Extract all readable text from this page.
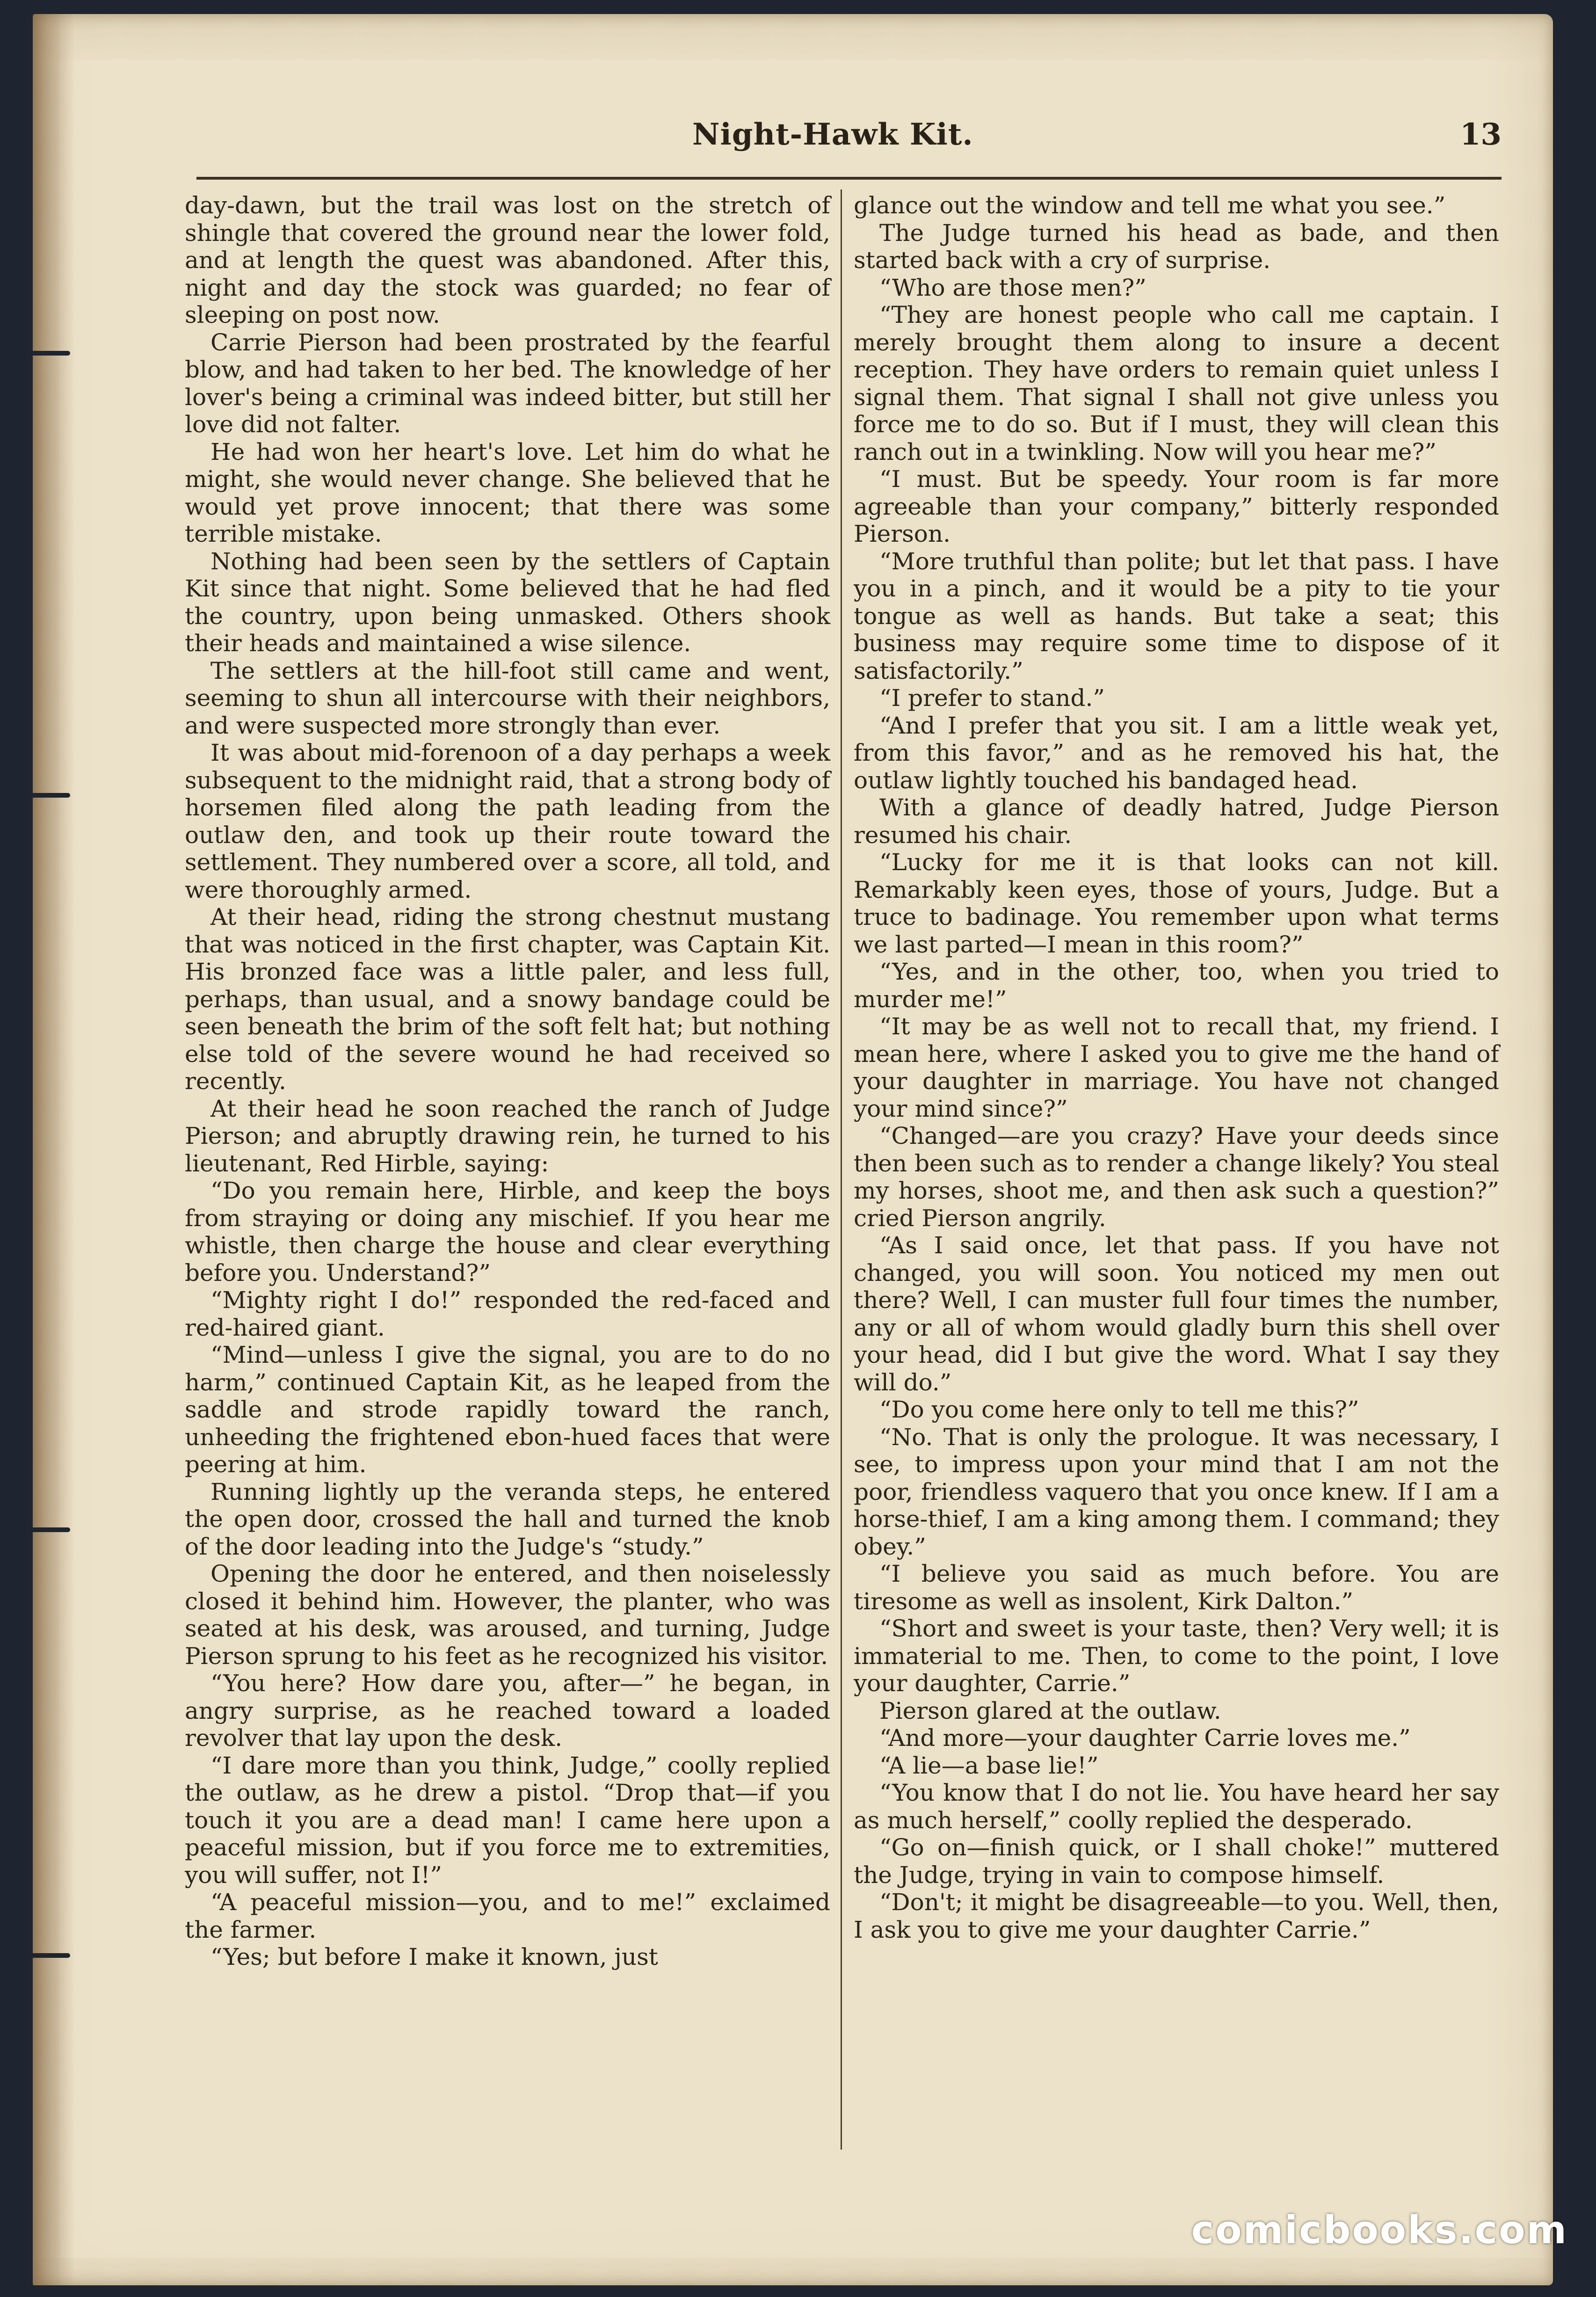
Night-Hawk Kit.	13

day-dawn, but the trail was lost on the stretch of shingle that covered the ground near the lower fold, and at length the quest was abandoned. After this, night and day the stock was guarded; no fear of sleeping on post now.

Carrie Pierson had been prostrated by the fearful blow, and had taken to her bed. The knowledge of her lover's being a criminal was indeed bitter, but still her love did not falter.

He had won her heart's love. Let him do what he might, she would never change. She believed that he would yet prove innocent; that there was some terrible mistake.

Nothing had been seen by the settlers of Captain Kit since that night. Some believed that he had fled the country, upon being unmasked. Others shook their heads and maintained a wise silence.

The settlers at the hill-foot still came and went, seeming to shun all intercourse with their neighbors, and were suspected more strongly than ever.

It was about mid-forenoon of a day perhaps a week subsequent to the midnight raid, that a strong body of horsemen filed along the path leading from the outlaw den, and took up their route toward the settlement. They numbered over a score, all told, and were thoroughly armed.

At their head, riding the strong chestnut mustang that was noticed in the first chapter, was Captain Kit. His bronzed face was a little paler, and less full, perhaps, than usual, and a snowy bandage could be seen beneath the brim of the soft felt hat; but nothing else told of the severe wound he had received so recently.

At their head he soon reached the ranch of Judge Pierson; and abruptly drawing rein, he turned to his lieutenant, Red Hirble, saying:

“Do you remain here, Hirble, and keep the boys from straying or doing any mischief. If you hear me whistle, then charge the house and clear everything before you. Understand?”

“Mighty right I do!” responded the red-faced and red-haired giant.

“Mind—unless I give the signal, you are to do no harm,” continued Captain Kit, as he leaped from the saddle and strode rapidly toward the ranch, unheeding the frightened ebon-hued faces that were peering at him.

Running lightly up the veranda steps, he entered the open door, crossed the hall and turned the knob of the door leading into the Judge's “study.”

Opening the door he entered, and then noiselessly closed it behind him. However, the planter, who was seated at his desk, was aroused, and turning, Judge Pierson sprung to his feet as he recognized his visitor.

“You here? How dare you, after—” he began, in angry surprise, as he reached toward a loaded revolver that lay upon the desk.

“I dare more than you think, Judge,” coolly replied the outlaw, as he drew a pistol. “Drop that—if you touch it you are a dead man! I came here upon a peaceful mission, but if you force me to extremities, you will suffer, not I!”

“A peaceful mission—you, and to me!” exclaimed the farmer.

“Yes; but before I make it known, just

glance out the window and tell me what you see.”

The Judge turned his head as bade, and then started back with a cry of surprise.

“Who are those men?”

“They are honest people who call me captain. I merely brought them along to insure a decent reception. They have orders to remain quiet unless I signal them. That signal I shall not give unless you force me to do so. But if I must, they will clean this ranch out in a twinkling. Now will you hear me?”

“I must. But be speedy. Your room is far more agreeable than your company,” bitterly responded Pierson.

“More truthful than polite; but let that pass. I have you in a pinch, and it would be a pity to tie your tongue as well as hands. But take a seat; this business may require some time to dispose of it satisfactorily.”

“I prefer to stand.”

“And I prefer that you sit. I am a little weak yet, from this favor,” and as he removed his hat, the outlaw lightly touched his bandaged head.

With a glance of deadly hatred, Judge Pierson resumed his chair.

“Lucky for me it is that looks can not kill. Remarkably keen eyes, those of yours, Judge. But a truce to badinage. You remember upon what terms we last parted—I mean in this room?”

“Yes, and in the other, too, when you tried to murder me!”

“It may be as well not to recall that, my friend. I mean here, where I asked you to give me the hand of your daughter in marriage. You have not changed your mind since?”

“Changed—are you crazy? Have your deeds since then been such as to render a change likely? You steal my horses, shoot me, and then ask such a question?” cried Pierson angrily.

“As I said once, let that pass. If you have not changed, you will soon. You noticed my men out there? Well, I can muster full four times the number, any or all of whom would gladly burn this shell over your head, did I but give the word. What I say they will do.”

“Do you come here only to tell me this?”

“No. That is only the prologue. It was necessary, I see, to impress upon your mind that I am not the poor, friendless vaquero that you once knew. If I am a horse-thief, I am a king among them. I command; they obey.”

“I believe you said as much before. You are tiresome as well as insolent, Kirk Dalton.”

“Short and sweet is your taste, then? Very well; it is immaterial to me. Then, to come to the point, I love your daughter, Carrie.”

Pierson glared at the outlaw.

“And more—your daughter Carrie loves me.”

“A lie—a base lie!”

“You know that I do not lie. You have heard her say as much herself,” coolly replied the desperado.

“Go on—finish quick, or I shall choke!” muttered the Judge, trying in vain to compose himself.

“Don't; it might be disagreeable—to you. Well, then, I ask you to give me your daughter Carrie.”

comicbooks.com
